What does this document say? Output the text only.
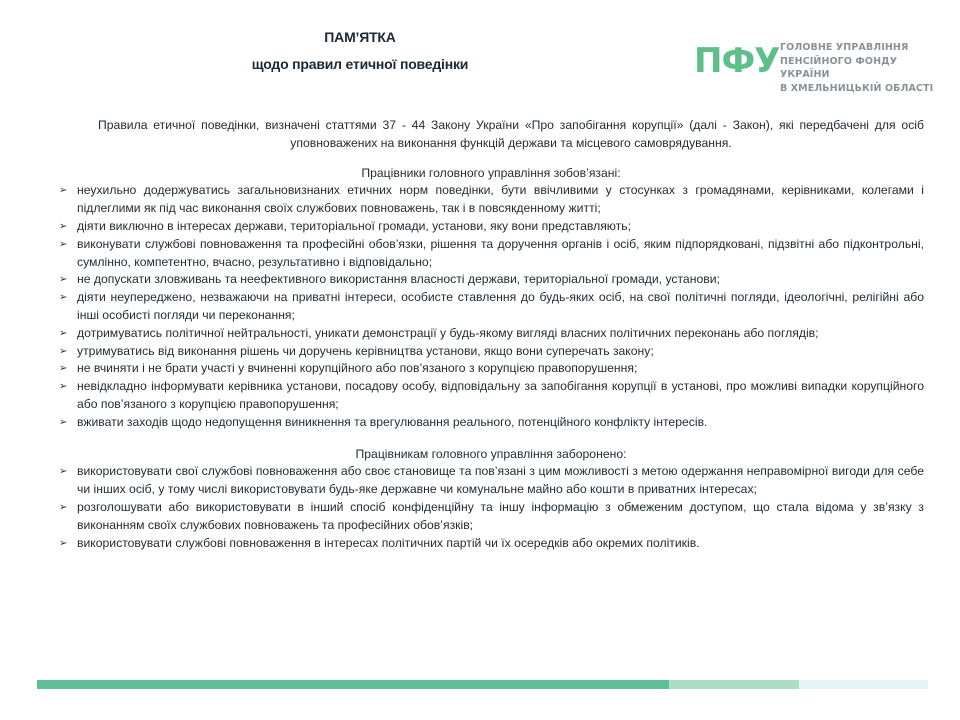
ПАМ’ЯТКА
щодо правил етичної поведінки	ПФУ ГОЛОВНЕ УПРАВЛІННЯ
ПЕНСІЙНОГО ФОНДУ УКРАЇНИ
В ХМЕЛЬНИЦЬКІЙ ОБЛАСТІ
Правила етичної поведінки, визначені статтями 37 - 44 Закону України «Про запобігання корупції» (далі - Закон), які передбачені для осіб уповноважених на виконання функцій держави та місцевого самоврядування.
Працівники головного управління зобов’язані:
➢ неухильно додержуватись загальновизнаних етичних норм поведінки, бути ввічливими у стосунках з громадянами, керівниками, колегами і підлеглими як під час виконання своїх службових повноважень, так і в повсякденному житті;
➢ діяти виключно в інтересах держави, територіальної громади, установи, яку вони представляють;
➢ виконувати службові повноваження та професійні обов’язки, рішення та доручення органів і осіб, яким підпорядковані, підзвітні або підконтрольні, сумлінно, компетентно, вчасно, результативно і відповідально;
➢ не допускати зловживань та неефективного використання власності держави, територіальної громади, установи;
➢ діяти неупереджено, незважаючи на приватні інтереси, особисте ставлення до будь-яких осіб, на свої політичні погляди, ідеологічні, релігійні або інші особисті погляди чи переконання;
➢ дотримуватись політичної нейтральності, уникати демонстрації у будь-якому вигляді власних політичних переконань або поглядів;
➢ утримуватись від виконання рішень чи доручень керівництва установи, якщо вони суперечать закону;
➢ не вчиняти і не брати участі у вчиненні корупційного або пов’язаного з корупцією правопорушення;
➢ невідкладно інформувати керівника установи, посадову особу, відповідальну за запобігання корупції в установі, про можливі випадки корупційного або пов’язаного з корупцією правопорушення;
➢ вживати заходів щодо недопущення виникнення та врегулювання реального, потенційного конфлікту інтересів.
Працівникам головного управління заборонено:
➢ використовувати свої службові повноваження або своє становище та пов’язані з цим можливості з метою одержання неправомірної вигоди для себе чи інших осіб, у тому числі використовувати будь-яке державне чи комунальне майно або кошти в приватних інтересах;
➢ розголошувати або використовувати в інший спосіб конфіденційну та іншу інформацію з обмеженим доступом, що стала відома у зв’язку з виконанням своїх службових повноважень та професійних обов’язків;
➢ використовувати службові повноваження в інтересах політичних партій чи їх осередків або окремих політиків.
